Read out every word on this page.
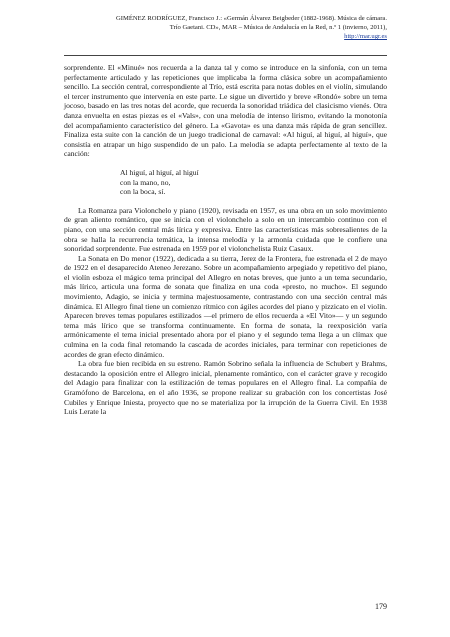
GIMÉNEZ RODRÍGUEZ, Francisco J.: «Germán Álvarez Beigbeder (1882-1968). Música de cámara.
Trío Gaetani. CD», MAR – Música de Andalucía en la Red, n.º 1 (invierno, 2011),
http://mar.ugr.es

sorprendente. El «Minué» nos recuerda a la danza tal y como se introduce en la sinfonía, con un tema perfectamente articulado y las repeticiones que implicaba la forma clásica sobre un acompañamiento sencillo. La sección central, correspondiente al Trío, está escrita para notas dobles en el violín, simulando el tercer instrumento que intervenía en este parte. Le sigue un divertido y breve «Rondó» sobre un tema jocoso, basado en las tres notas del acorde, que recuerda la sonoridad triádica del clasicismo vienés. Otra danza envuelta en estas piezas es el «Vals», con una melodía de intenso lirismo, evitando la monotonía del acompañamiento característico del género. La «Gavota» es una danza más rápida de gran sencillez. Finaliza esta suite con la canción de un juego tradicional de carnaval: «Al higuí, al higuí, al higuí», que consistía en atrapar un higo suspendido de un palo. La melodía se adapta perfectamente al texto de la canción:

Al higuí, al higuí, al higuí
con la mano, no,
con la boca, sí.

La Romanza para Violonchelo y piano (1920), revisada en 1957, es una obra en un solo movimiento de gran aliento romántico, que se inicia con el violonchelo a solo en un intercambio continuo con el piano, con una sección central más lírica y expresiva. Entre las características más sobresalientes de la obra se halla la recurrencia temática, la intensa melodía y la armonía cuidada que le confiere una sonoridad sorprendente. Fue estrenada en 1959 por el violonchelista Ruiz Casaux.

La Sonata en Do menor (1922), dedicada a su tierra, Jerez de la Frontera, fue estrenada el 2 de mayo de 1922 en el desaparecido Ateneo Jerezano. Sobre un acompañamiento arpegiado y repetitivo del piano, el violín esboza el mágico tema principal del Allegro en notas breves, que junto a un tema secundario, más lírico, articula una forma de sonata que finaliza en una coda «presto, no mucho». El segundo movimiento, Adagio, se inicia y termina majestuosamente, contrastando con una sección central más dinámica. El Allegro final tiene un comienzo rítmico con ágiles acordes del piano y pizzicato en el violín. Aparecen breves temas populares estilizados —el primero de ellos recuerda a «El Vito»— y un segundo tema más lírico que se transforma continuamente. En forma de sonata, la reexposición varía armónicamente el tema inicial presentado ahora por el piano y el segundo tema llega a un clímax que culmina en la coda final retomando la cascada de acordes iniciales, para terminar con repeticiones de acordes de gran efecto dinámico.

La obra fue bien recibida en su estreno. Ramón Sobrino señala la influencia de Schubert y Brahms, destacando la oposición entre el Allegro inicial, plenamente romántico, con el carácter grave y recogido del Adagio para finalizar con la estilización de temas populares en el Allegro final. La compañía de Gramófono de Barcelona, en el año 1936, se propone realizar su grabación con los concertistas José Cubiles y Enrique Iniesta, proyecto que no se materializa por la irrupción de la Guerra Civil. En 1938 Luis Lerate la

179
